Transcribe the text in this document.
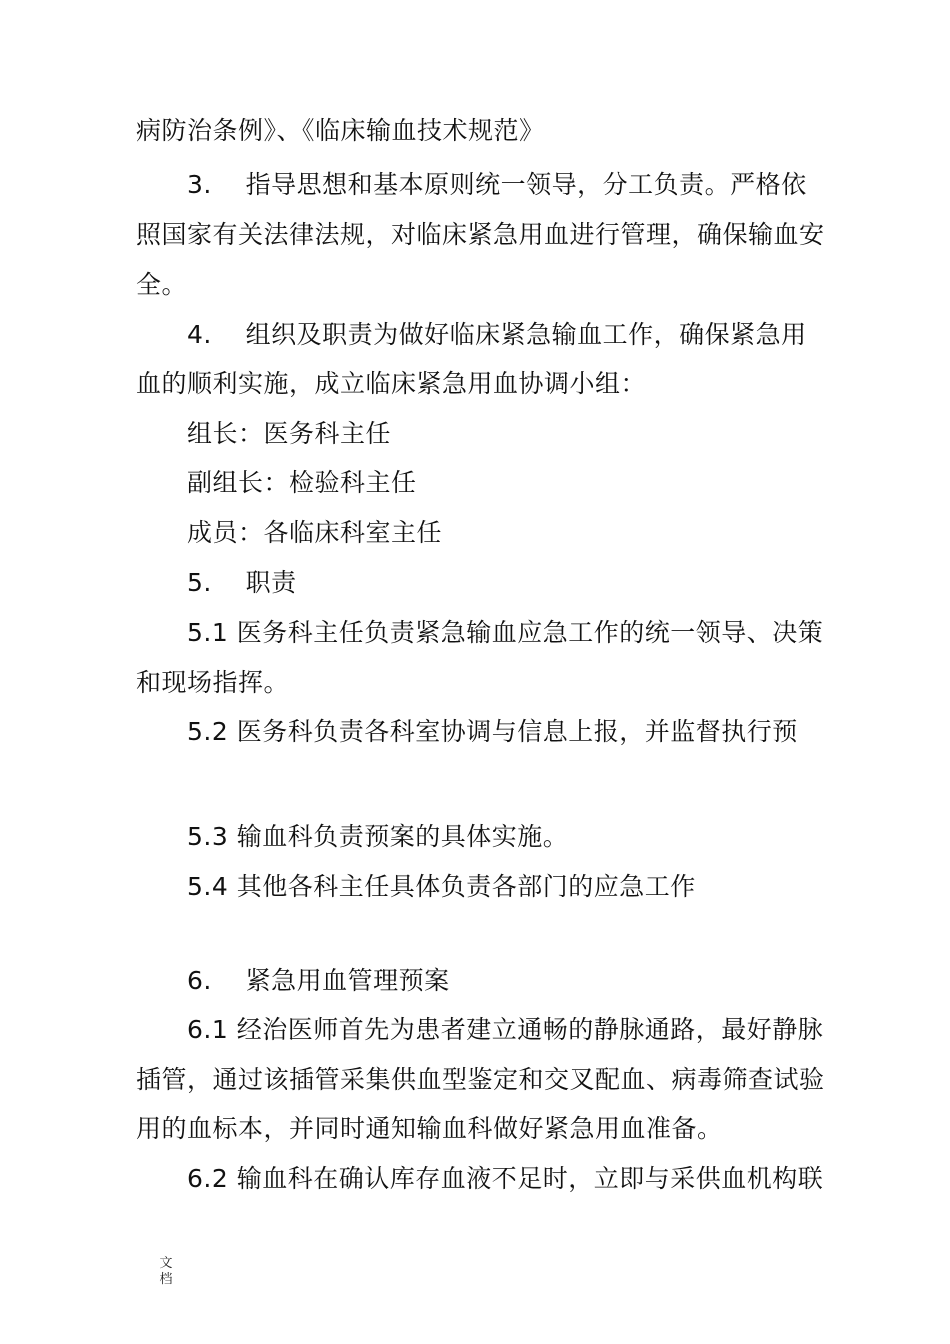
病防治条例》、《临床输血技术规范》
3.    指导思想和基本原则统一领导，分工负责。严格依
照国家有关法律法规，对临床紧急用血进行管理，确保输血安
全。
4.    组织及职责为做好临床紧急输血工作，确保紧急用
血的顺利实施，成立临床紧急用血协调小组：
组长：医务科主任
副组长：检验科主任
成员：各临床科室主任
5.    职责
5.1 医务科主任负责紧急输血应急工作的统一领导、决策
和现场指挥。
5.2 医务科负责各科室协调与信息上报，并监督执行预
5.3 输血科负责预案的具体实施。
5.4 其他各科主任具体负责各部门的应急工作
6.    紧急用血管理预案
6.1 经治医师首先为患者建立通畅的静脉通路，最好静脉
插管，通过该插管采集供血型鉴定和交叉配血、病毒筛查试验
用的血标本，并同时通知输血科做好紧急用血准备。
6.2 输血科在确认库存血液不足时，立即与采供血机构联
文
档
